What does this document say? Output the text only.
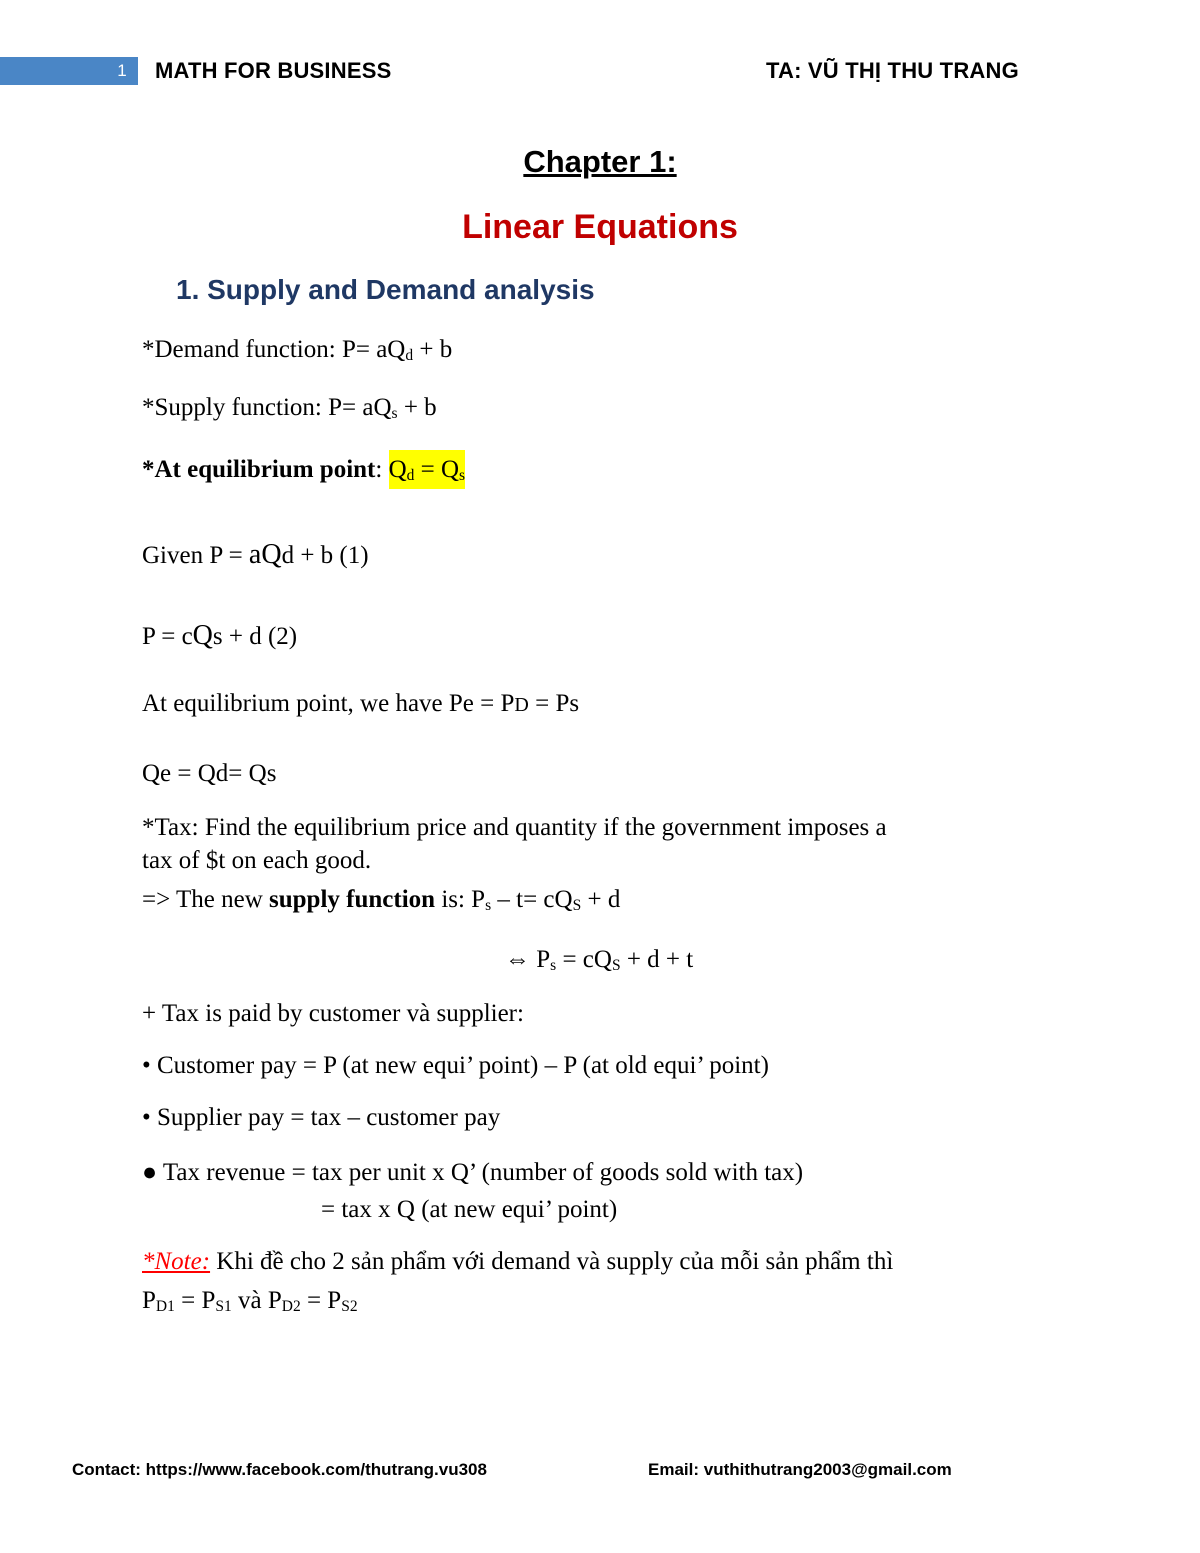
1	MATH FOR BUSINESS	TA: VŨ THỊ THU TRANG
Chapter 1:
Linear Equations
1. Supply and Demand analysis
*Demand function: $P= aQ_d + b$
*Supply function: $P= aQ_s + b$
*At equilibrium point: $Q_d = Q_s$
Given P = aQd + b (1)
P = cQs + d (2)
At equilibrium point, we have Pe = PD = Ps
Qe = Qd= Qs
*Tax: Find the equilibrium price and quantity if the government imposes a
tax of $t on each good.
=> The new supply function is: $P_s - t= cQ_S + d$
⇔ $P_s = cQ_S + d + t$
+ Tax is paid by customer và supplier:
• Customer pay = P (at new equi’ point) – P (at old equi’ point)
• Supplier pay = tax – customer pay
● Tax revenue = tax per unit x Q’ (number of goods sold with tax)
= tax x Q (at new equi’ point)
*Note: Khi đề cho 2 sản phẩm với demand và supply của mỗi sản phẩm thì
$P_{D1} = P_{S1}$ và $P_{D2} = P_{S2}$
Contact: https://www.facebook.com/thutrang.vu308	Email: vuthithutrang2003@gmail.com
